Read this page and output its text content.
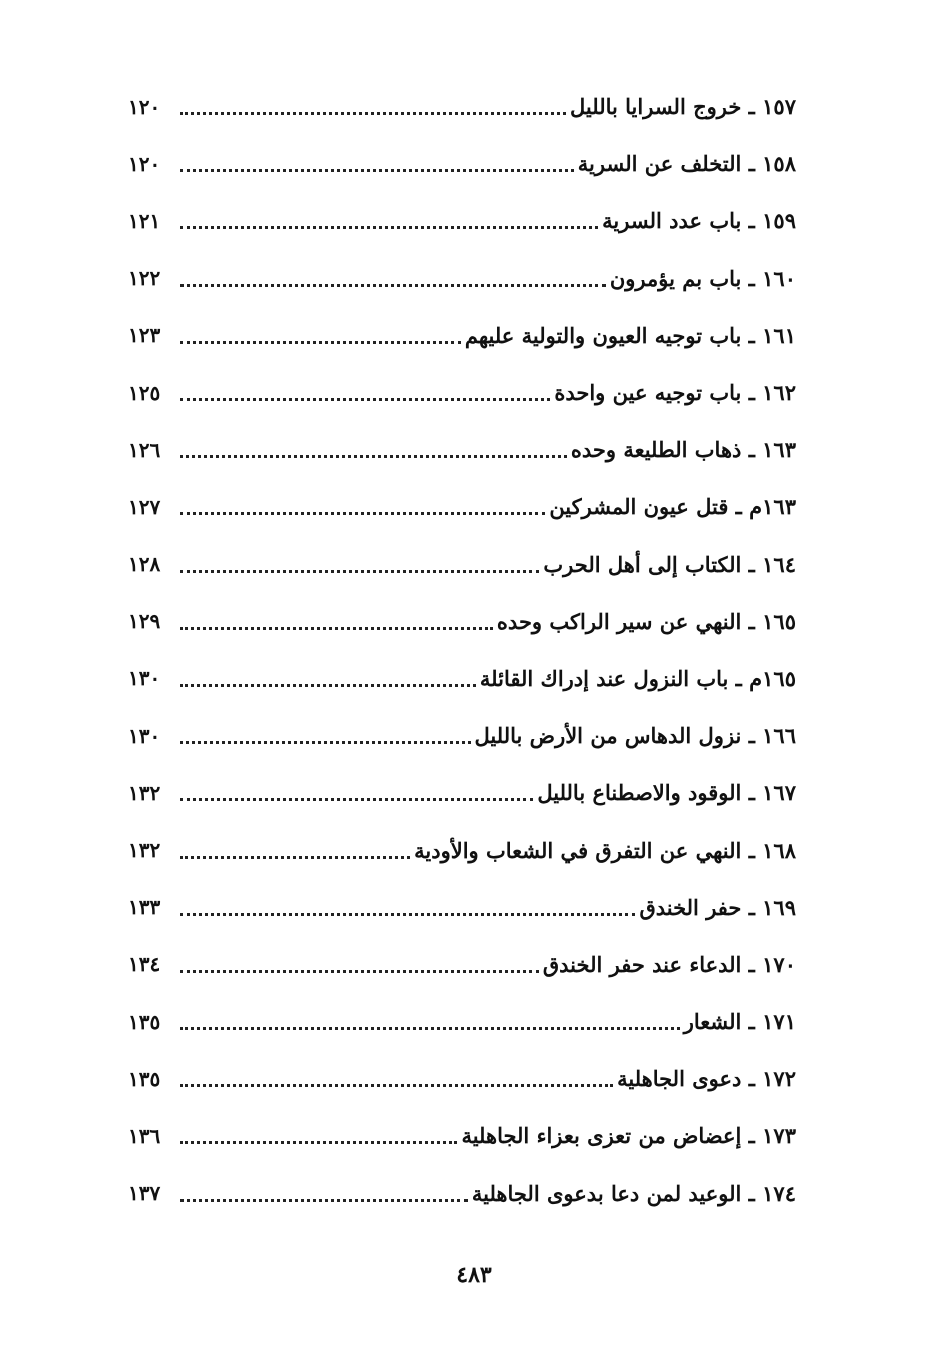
١٥٧ ـ خروج السرايا بالليل
١٢٠
١٥٨ ـ التخلف عن السرية
١٢٠
١٥٩ ـ باب عدد السرية
١٢١
١٦٠ ـ باب بم يؤمرون
١٢٢
١٦١ ـ باب توجيه العيون والتولية عليهم
١٢٣
١٦٢ ـ باب توجيه عين واحدة
١٢٥
١٦٣ ـ ذهاب الطليعة وحده
١٢٦
١٦٣م ـ قتل عيون المشركين
١٢٧
١٦٤ ـ الكتاب إلى أهل الحرب
١٢٨
١٦٥ ـ النهي عن سير الراكب وحده
١٢٩
١٦٥م ـ باب النزول عند إدراك القائلة
١٣٠
١٦٦ ـ نزول الدهاس من الأرض بالليل
١٣٠
١٦٧ ـ الوقود والاصطناع بالليل
١٣٢
١٦٨ ـ النهي عن التفرق في الشعاب والأودية
١٣٢
١٦٩ ـ حفر الخندق
١٣٣
١٧٠ ـ الدعاء عند حفر الخندق
١٣٤
١٧١ ـ الشعار
١٣٥
١٧٢ ـ دعوى الجاهلية
١٣٥
١٧٣ ـ إعضاض من تعزى بعزاء الجاهلية
١٣٦
١٧٤ ـ الوعيد لمن دعا بدعوى الجاهلية
١٣٧
٤٨٣
